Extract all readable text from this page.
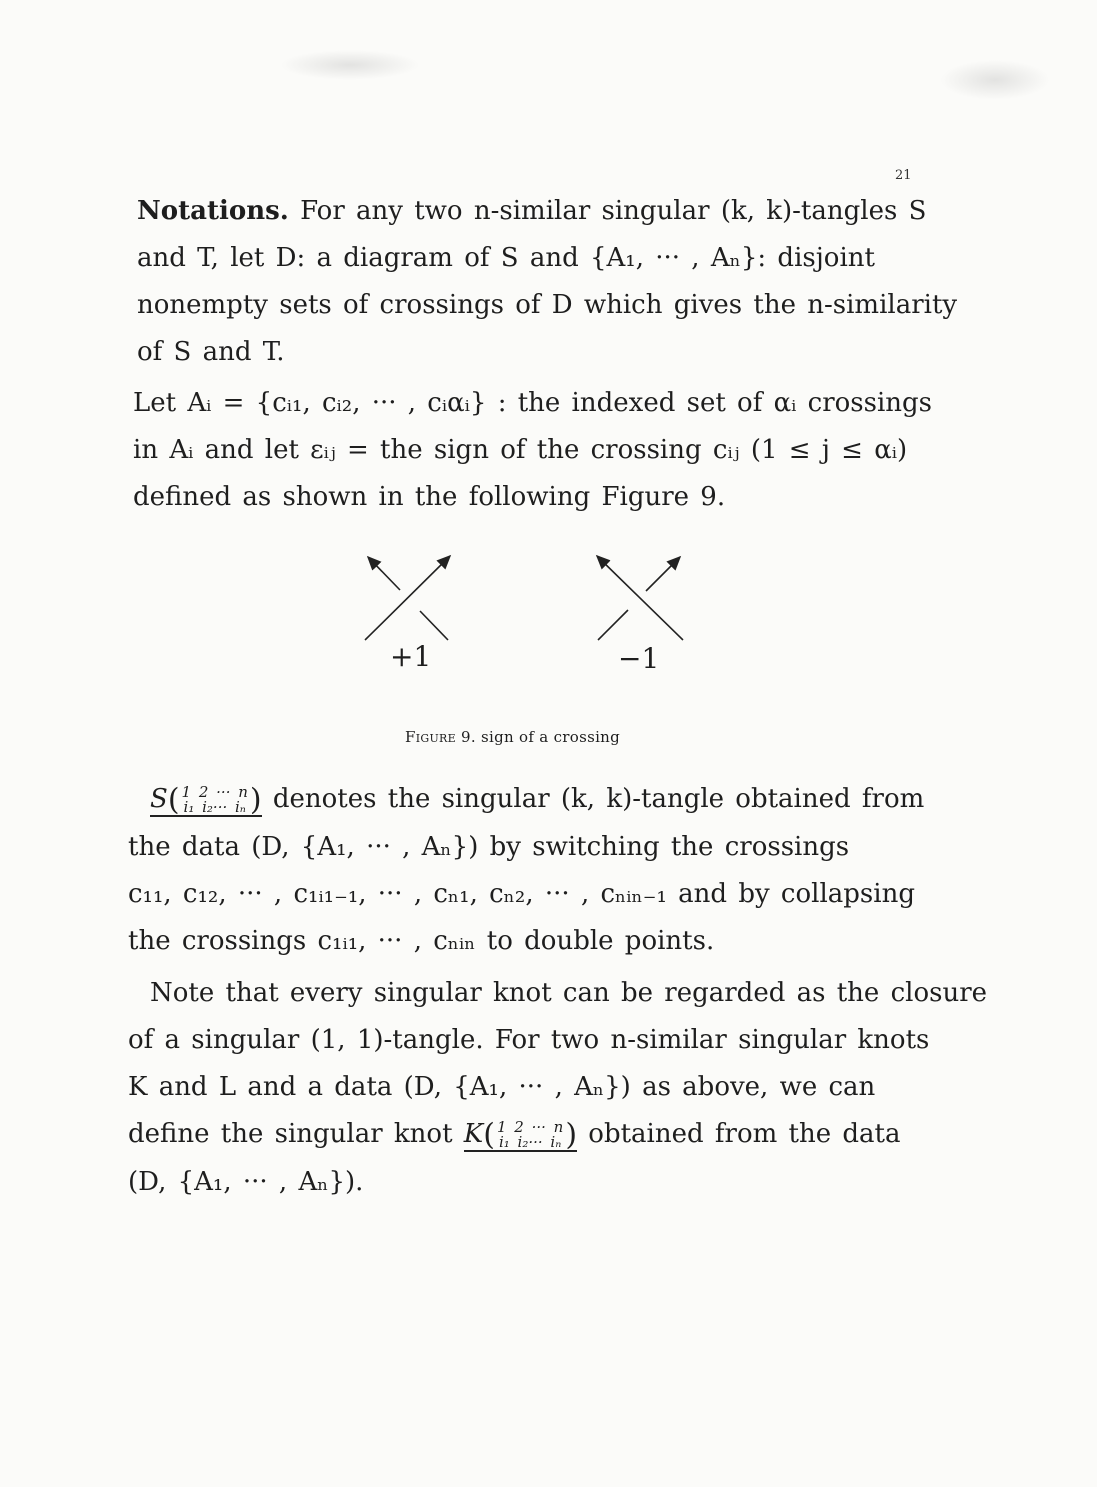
21
Notations. For any two n-similar singular (k, k)-tangles S
and T, let D: a diagram of S and {A₁, ··· , Aₙ}: disjoint
nonempty sets of crossings of D which gives the n-similarity
of S and T.
Let Aᵢ = {cᵢ₁, cᵢ₂, ··· , cᵢαᵢ} : the indexed set of αᵢ crossings
in Aᵢ and let εᵢⱼ = the sign of the crossing cᵢⱼ (1 ≤ j ≤ αᵢ)
defined as shown in the following Figure 9.
+1	−1
Figure 9. sign of a crossing
S( 1 2 ··· n
i₁ i₂··· iₙ ) denotes the singular (k, k)-tangle obtained from
the data (D, {A₁, ··· , Aₙ}) by switching the crossings
c₁₁, c₁₂, ··· , c₁ᵢ₁₋₁, ··· , cₙ₁, cₙ₂, ··· , cₙᵢₙ₋₁ and by collapsing
the crossings c₁ᵢ₁, ··· , cₙᵢₙ to double points.
Note that every singular knot can be regarded as the closure
of a singular (1, 1)-tangle. For two n-similar singular knots
K and L and a data (D, {A₁, ··· , Aₙ}) as above, we can
define the singular knot K( 1 2 ··· n
i₁ i₂··· iₙ ) obtained from the data
(D, {A₁, ··· , Aₙ}).
